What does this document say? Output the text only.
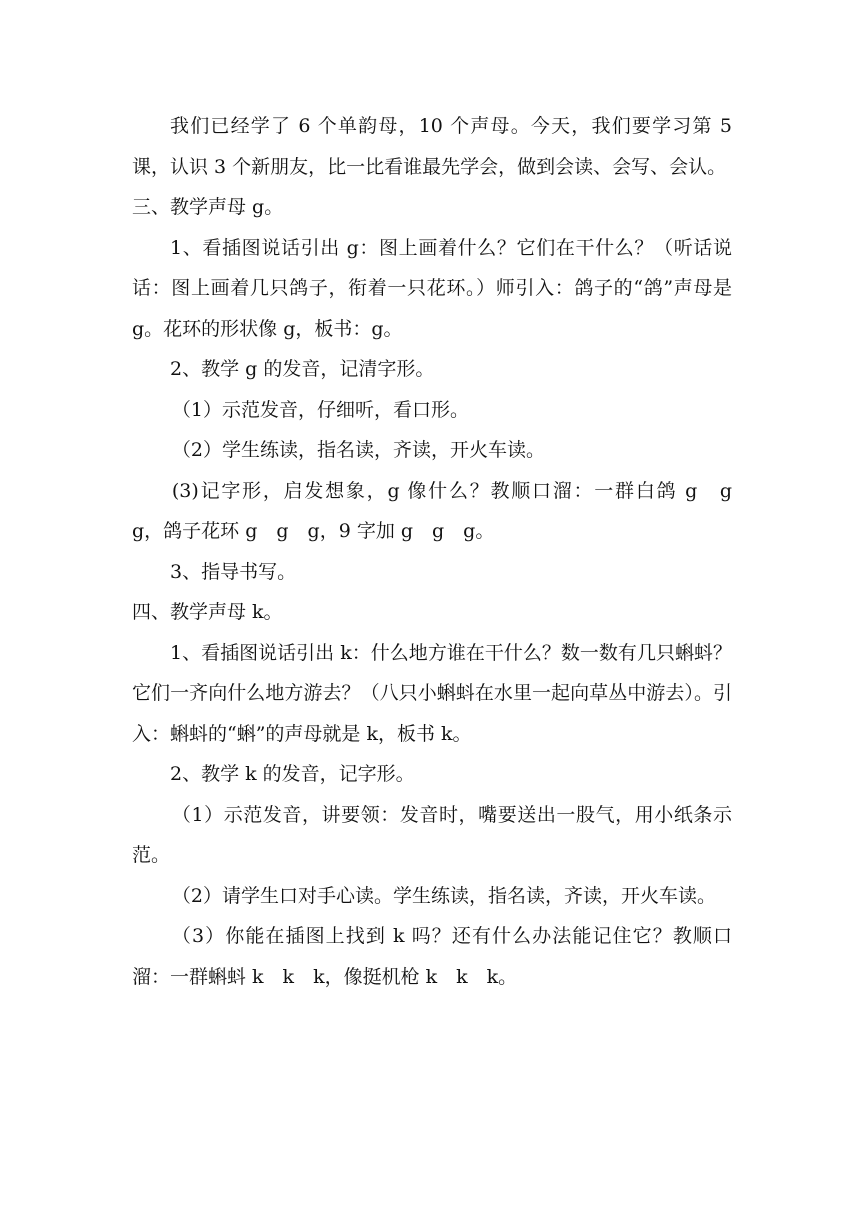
我们已经学了 6 个单韵母，10 个声母。今天，我们要学习第 5 课，认识 3 个新朋友，比一比看谁最先学会，做到会读、会写、会认。

三、教学声母 g。

1、看插图说话引出 g：图上画着什么？它们在干什么？（听话说话：图上画着几只鸽子，衔着一只花环。）师引入：鸽子的“鸽”声母是 g。花环的形状像 g，板书：g。

2、教学 g 的发音，记清字形。

（1）示范发音，仔细听，看口形。

（2）学生练读，指名读，齐读，开火车读。

(3)记字形，启发想象，g 像什么？教顺口溜：一群白鸽 g　g　g，鸽子花环 g　g　g，9 字加 g　g　g。

3、指导书写。

四、教学声母 k。

1、看插图说话引出 k：什么地方谁在干什么？数一数有几只蝌蚪？它们一齐向什么地方游去？（八只小蝌蚪在水里一起向草丛中游去）。引入：蝌蚪的“蝌”的声母就是 k，板书 k。

2、教学 k 的发音，记字形。

（1）示范发音，讲要领：发音时，嘴要送出一股气，用小纸条示范。

（2）请学生口对手心读。学生练读，指名读，齐读，开火车读。

（3）你能在插图上找到 k 吗？还有什么办法能记住它？教顺口溜：一群蝌蚪 k　k　k，像挺机枪 k　k　k。
